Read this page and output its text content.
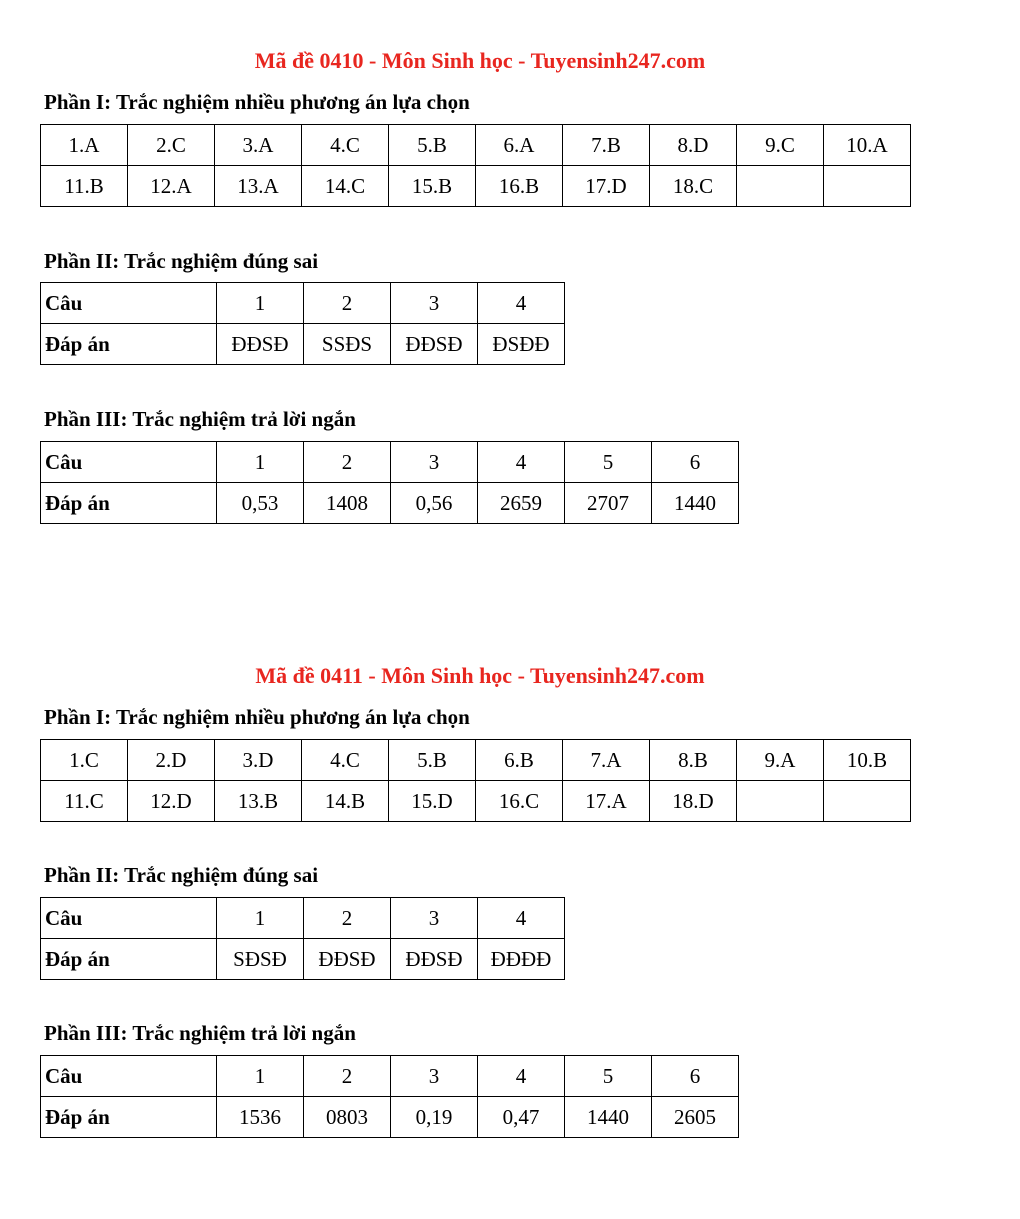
Mã đề 0410 - Môn Sinh học - Tuyensinh247.com
Phần I: Trắc nghiệm nhiều phương án lựa chọn
1.A	2.C	3.A	4.C	5.B	6.A	7.B	8.D	9.C	10.A
11.B	12.A	13.A	14.C	15.B	16.B	17.D	18.C		
Phần II: Trắc nghiệm đúng sai
Câu	1	2	3	4
Đáp án	ĐĐSĐ	SSĐS	ĐĐSĐ	ĐSĐĐ
Phần III: Trắc nghiệm trả lời ngắn
Câu	1	2	3	4	5	6
Đáp án	0,53	1408	0,56	2659	2707	1440
Mã đề 0411 - Môn Sinh học - Tuyensinh247.com
Phần I: Trắc nghiệm nhiều phương án lựa chọn
1.C	2.D	3.D	4.C	5.B	6.B	7.A	8.B	9.A	10.B
11.C	12.D	13.B	14.B	15.D	16.C	17.A	18.D		
Phần II: Trắc nghiệm đúng sai
Câu	1	2	3	4
Đáp án	SĐSĐ	ĐĐSĐ	ĐĐSĐ	ĐĐĐĐ
Phần III: Trắc nghiệm trả lời ngắn
Câu	1	2	3	4	5	6
Đáp án	1536	0803	0,19	0,47	1440	2605
